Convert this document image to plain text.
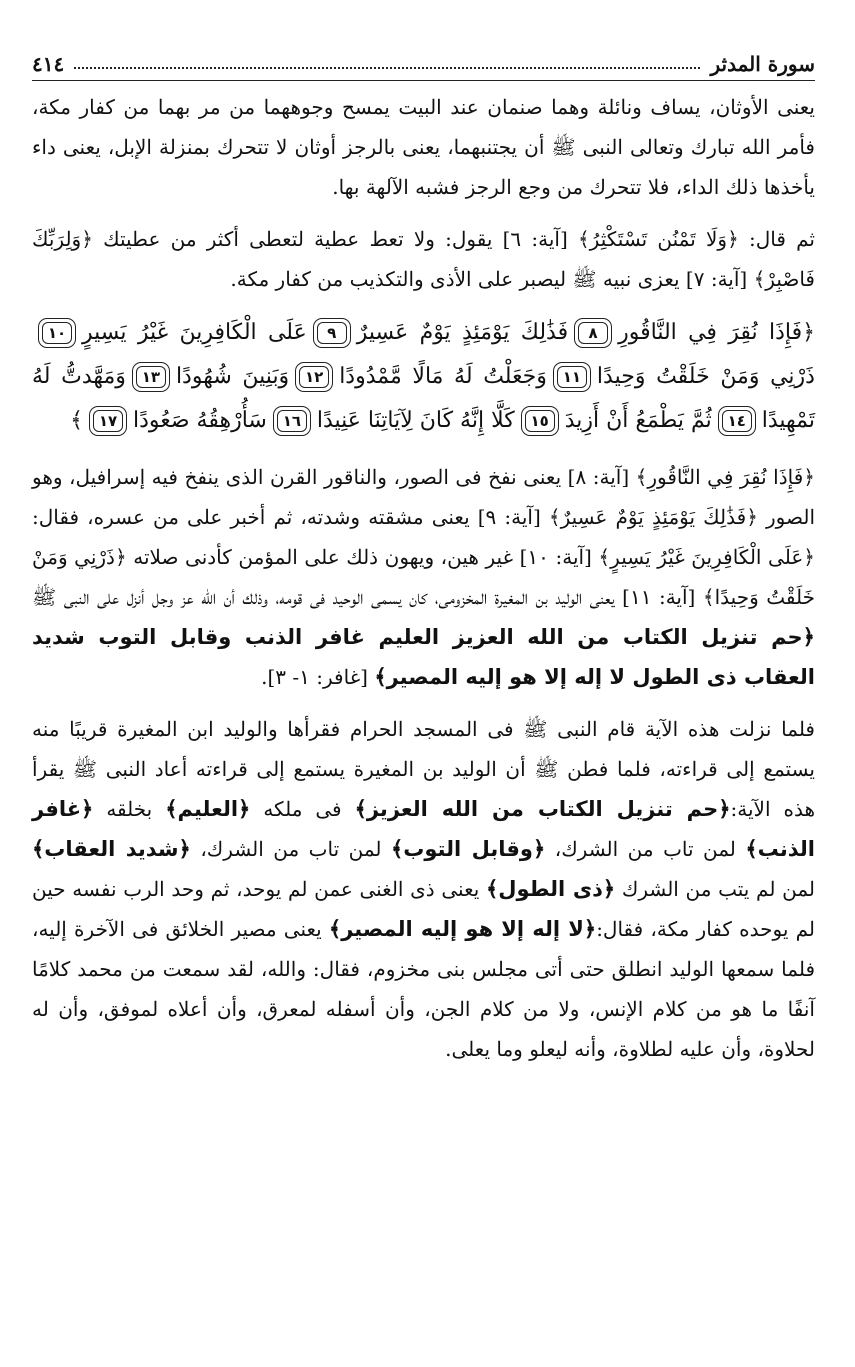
سورة المدثر
٤١٤

يعنى الأوثان، يساف ونائلة وهما صنمان عند البيت يمسح وجوههما من مر بهما من كفار مكة، فأمر الله تبارك وتعالى النبى ﷺ أن يجتنبهما، يعنى بالرجز أوثان لا تتحرك بمنزلة الإبل، يعنى داء يأخذها ذلك الداء، فلا تتحرك من وجع الرجز فشبه الآلهة بها.

ثم قال: ﴿وَلَا تَمْنُن تَسْتَكْثِرُ﴾ [آية: ٦] يقول: ولا تعط عطية لتعطى أكثر من عطيتك ﴿وَلِرَبِّكَ فَاصْبِرْ﴾ [آية: ٧] يعزى نبيه ﷺ ليصبر على الأذى والتكذيب من كفار مكة.

﴿فَإِذَا نُقِرَ فِي النَّاقُورِ٨فَذَٰلِكَ يَوْمَئِذٍ يَوْمٌ عَسِيرٌ٩عَلَى الْكَافِرِينَ غَيْرُ يَسِيرٍ١٠ذَرْنِي وَمَنْ خَلَقْتُ وَحِيدًا١١وَجَعَلْتُ لَهُ مَالًا مَّمْدُودًا١٢وَبَنِينَ شُهُودًا١٣وَمَهَّدتُّ لَهُ تَمْهِيدًا١٤ثُمَّ يَطْمَعُ أَنْ أَزِيدَ١٥كَلَّا إِنَّهُ كَانَ لِآيَاتِنَا عَنِيدًا١٦سَأُرْهِقُهُ صَعُودًا١٧﴾

﴿فَإِذَا نُقِرَ فِي النَّاقُورِ﴾ [آية: ٨] يعنى نفخ فى الصور، والناقور القرن الذى ينفخ فيه إسرافيل، وهو الصور ﴿فَذَٰلِكَ يَوْمَئِذٍ يَوْمٌ عَسِيرٌ﴾ [آية: ٩] يعنى مشقته وشدته، ثم أخبر على من عسره، فقال: ﴿عَلَى الْكَافِرِينَ غَيْرُ يَسِيرٍ﴾ [آية: ١٠] غير هين، ويهون ذلك على المؤمن كأدنى صلاته ﴿ذَرْنِي وَمَنْ خَلَقْتُ وَحِيدًا﴾ [آية: ١١] يعنى الوليد بن المغيرة المخزومى، كان يسمى الوحيد فى قومه، وذلك أن الله عز وجل أنزل على النبى ﷺ ﴿حم تنزيل الكتاب من الله العزيز العليم غافر الذنب وقابل التوب شديد العقاب ذى الطول لا إله إلا هو إليه المصير﴾ [غافر: ١- ٣].

فلما نزلت هذه الآية قام النبى ﷺ فى المسجد الحرام فقرأها والوليد ابن المغيرة قريبًا منه يستمع إلى قراءته، فلما فطن ﷺ أن الوليد بن المغيرة يستمع إلى قراءته أعاد النبى ﷺ يقرأ هذه الآية:﴿حم تنزيل الكتاب من الله العزيز﴾ فى ملكه ﴿العليم﴾ بخلقه ﴿غافر الذنب﴾ لمن تاب من الشرك، ﴿وقابل التوب﴾ لمن تاب من الشرك، ﴿شديد العقاب﴾ لمن لم يتب من الشرك ﴿ذى الطول﴾ يعنى ذى الغنى عمن لم يوحد، ثم وحد الرب نفسه حين لم يوحده كفار مكة، فقال:﴿لا إله إلا هو إليه المصير﴾ يعنى مصير الخلائق فى الآخرة إليه، فلما سمعها الوليد انطلق حتى أتى مجلس بنى مخزوم، فقال: والله، لقد سمعت من محمد كلامًا آنفًا ما هو من كلام الإنس، ولا من كلام الجن، وأن أسفله لمعرق، وأن أعلاه لموفق، وأن له لحلاوة، وأن عليه لطلاوة، وأنه ليعلو وما يعلى.
